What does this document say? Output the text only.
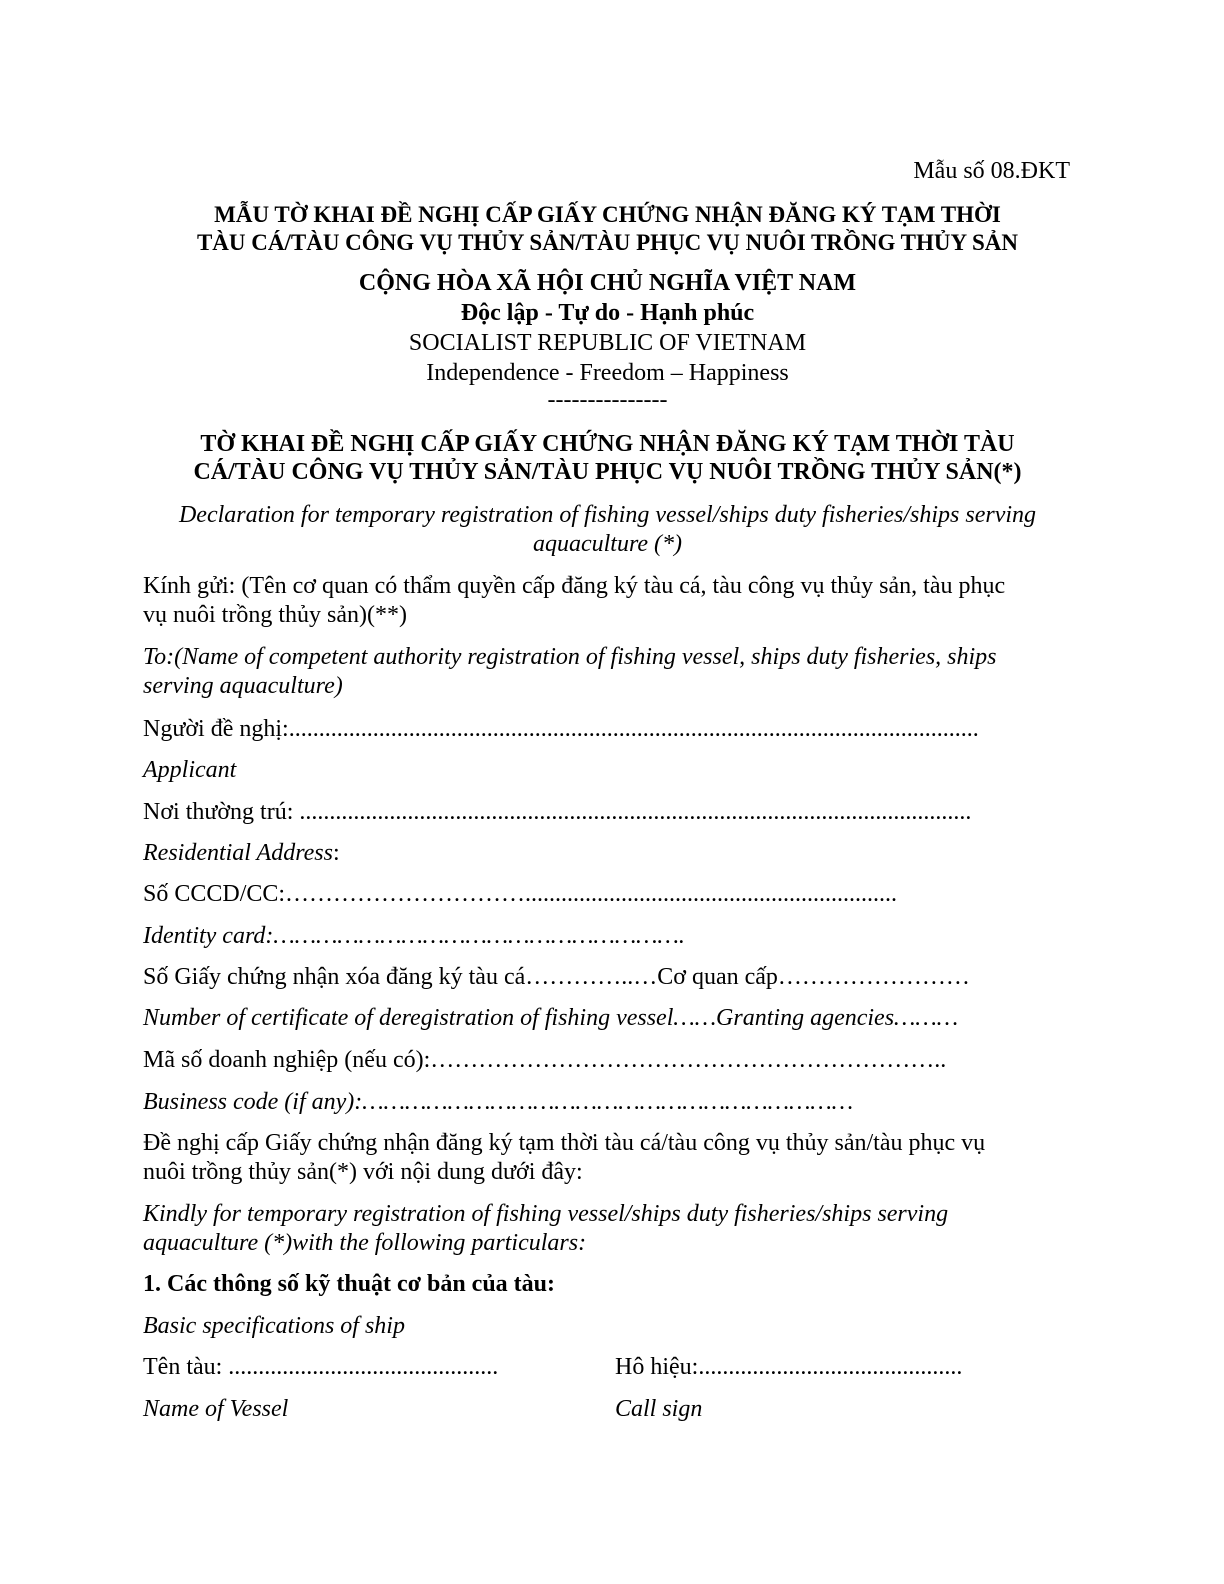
Mẫu số 08.ĐKT
MẪU TỜ KHAI ĐỀ NGHỊ CẤP GIẤY CHỨNG NHẬN ĐĂNG KÝ TẠM THỜI
TÀU CÁ/TÀU CÔNG VỤ THỦY SẢN/TÀU PHỤC VỤ NUÔI TRỒNG THỦY SẢN
CỘNG HÒA XÃ HỘI CHỦ NGHĨA VIỆT NAM
Độc lập - Tự do - Hạnh phúc
SOCIALIST REPUBLIC OF VIETNAM
Independence - Freedom – Happiness
---------------
TỜ KHAI ĐỀ NGHỊ CẤP GIẤY CHỨNG NHẬN ĐĂNG KÝ TẠM THỜI TÀU
CÁ/TÀU CÔNG VỤ THỦY SẢN/TÀU PHỤC VỤ NUÔI TRỒNG THỦY SẢN(*)
Declaration for temporary registration of fishing vessel/ships duty fisheries/ships serving
aquaculture (*)
Kính gửi: (Tên cơ quan có thẩm quyền cấp đăng ký tàu cá, tàu công vụ thủy sản, tàu phục
vụ nuôi trồng thủy sản)(**)
To:(Name of competent authority registration of fishing vessel, ships duty fisheries, ships
serving aquaculture)
Người đề nghị:...................................................................................................................
Applicant
Nơi thường trú: ................................................................................................................
Residential Address:
Số CCCD/CC:…………………………..............................................................
Identity card:………………………………………………….
Số Giấy chứng nhận xóa đăng ký tàu cá…………..…Cơ quan cấp……………………
Number of certificate of deregistration of fishing vessel……Granting agencies………
Mã số doanh nghiệp (nếu có):………………………………………………………..
Business code (if any):……………………………………………………………
Đề nghị cấp Giấy chứng nhận đăng ký tạm thời tàu cá/tàu công vụ thủy sản/tàu phục vụ
nuôi trồng thủy sản(*) với nội dung dưới đây:
Kindly for temporary registration of fishing vessel/ships duty fisheries/ships serving
aquaculture (*)with the following particulars:
1. Các thông số kỹ thuật cơ bản của tàu:
Basic specifications of ship
Tên tàu: .............................................	Hô hiệu:............................................
Name of Vessel	Call sign
